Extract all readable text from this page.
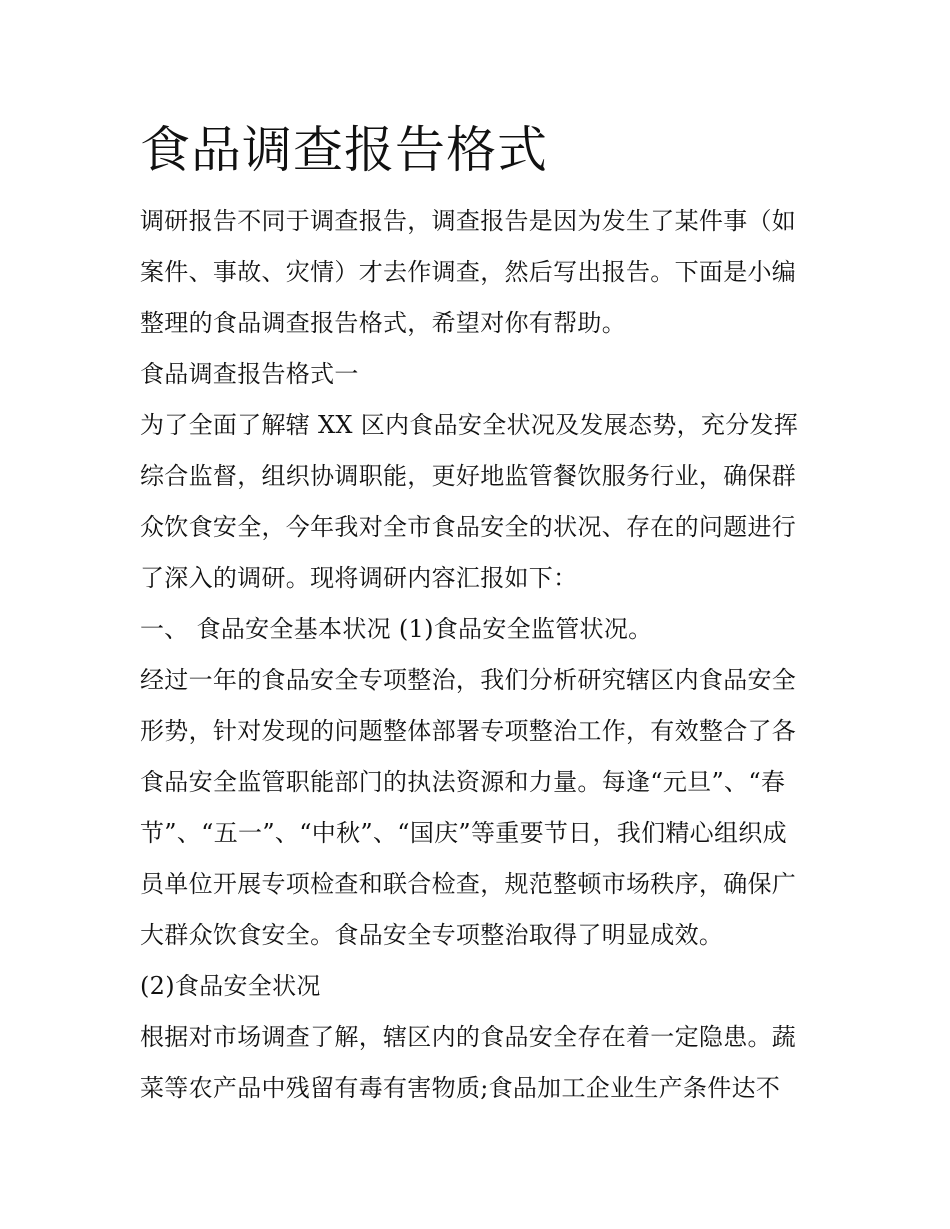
食品调查报告格式

调研报告不同于调查报告，调查报告是因为发生了某件事（如

案件、事故、灾情）才去作调查，然后写出报告。下面是小编

整理的食品调查报告格式，希望对你有帮助。

食品调查报告格式一

为了全面了解辖 XX 区内食品安全状况及发展态势，充分发挥

综合监督，组织协调职能，更好地监管餐饮服务行业，确保群

众饮食安全，今年我对全市食品安全的状况、存在的问题进行

了深入的调研。现将调研内容汇报如下：

一、 食品安全基本状况 (1)食品安全监管状况。

经过一年的食品安全专项整治，我们分析研究辖区内食品安全

形势，针对发现的问题整体部署专项整治工作，有效整合了各

食品安全监管职能部门的执法资源和力量。每逢“元旦”、“春

节”、“五一”、“中秋”、“国庆”等重要节日，我们精心组织成

员单位开展专项检查和联合检查，规范整顿市场秩序，确保广

大群众饮食安全。食品安全专项整治取得了明显成效。

(2)食品安全状况

根据对市场调查了解，辖区内的食品安全存在着一定隐患。蔬

菜等农产品中残留有毒有害物质;食品加工企业生产条件达不
